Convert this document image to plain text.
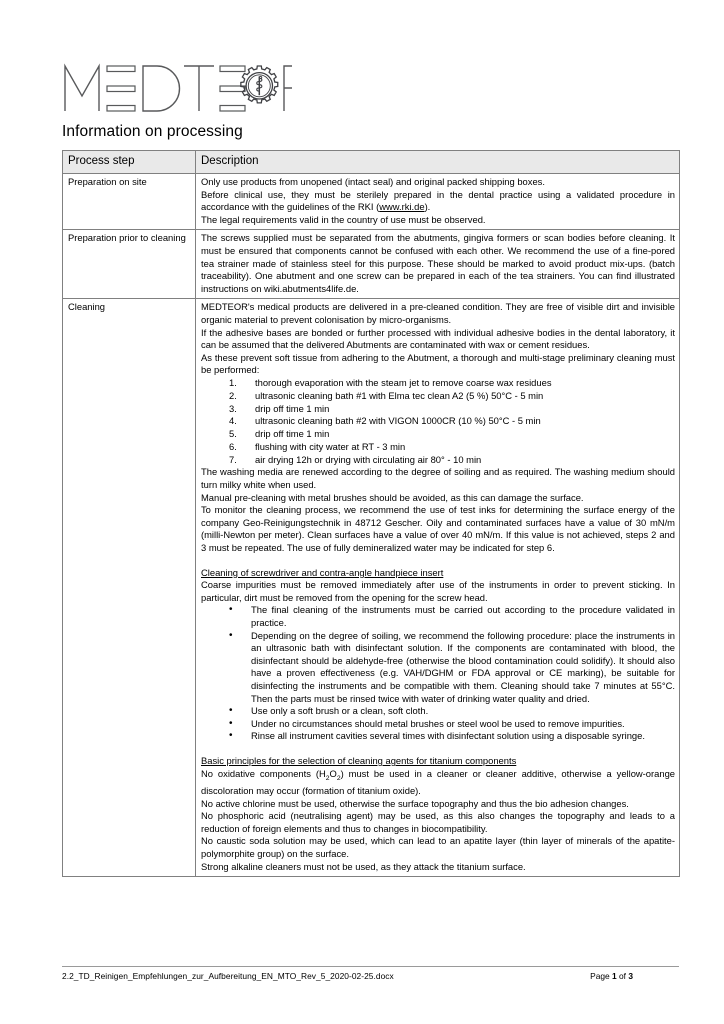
Information on processing
Process step	Description
Preparation on site	Only use products from unopened (intact seal) and original packed shipping boxes.

Before clinical use, they must be sterilely prepared in the dental practice using a validated procedure in accordance with the guidelines of the RKI (www.rki.de).

The legal requirements valid in the country of use must be observed.

Preparation prior to cleaning	The screws supplied must be separated from the abutments, gingiva formers or scan bodies before cleaning. It must be ensured that components cannot be confused with each other. We recommend the use of a fine-pored tea strainer made of stainless steel for this purpose. These should be marked to avoid product mix-ups. (batch traceability). One abutment and one screw can be prepared in each of the tea strainers. You can find illustrated instructions on wiki.abutments4life.de.

Cleaning	MEDTEOR's medical products are delivered in a pre-cleaned condition. They are free of visible dirt and invisible organic material to prevent colonisation by micro-organisms.

If the adhesive bases are bonded or further processed with individual adhesive bodies in the dental laboratory, it can be assumed that the delivered Abutments are contaminated with wax or cement residues.

As these prevent soft tissue from adhering to the Abutment, a thorough and multi-stage preliminary cleaning must be performed:

thorough evaporation with the steam jet to remove coarse wax residues
ultrasonic cleaning bath #1 with Elma tec clean A2 (5 %) 50°C - 5 min
drip off time 1 min
ultrasonic cleaning bath #2 with VIGON 1000CR (10 %) 50°C - 5 min
drip off time 1 min
flushing with city water at RT - 3 min
air drying 12h or drying with circulating air 80° - 10 min

The washing media are renewed according to the degree of soiling and as required. The washing medium should turn milky white when used.

Manual pre-cleaning with metal brushes should be avoided, as this can damage the surface.

To monitor the cleaning process, we recommend the use of test inks for determining the surface energy of the company Geo-Reinigungstechnik in 48712 Gescher. Oily and contaminated surfaces have a value of 30 mN/m (milli-Newton per meter). Clean surfaces have a value of over 40 mN/m. If this value is not achieved, steps 2 and 3 must be repeated. The use of fully demineralized water may be indicated for step 6.

Cleaning of screwdriver and contra-angle handpiece insert

Coarse impurities must be removed immediately after use of the instruments in order to prevent sticking. In particular, dirt must be removed from the opening for the screw head.

• The final cleaning of the instruments must be carried out according to the procedure validated in practice.
• Depending on the degree of soiling, we recommend the following procedure: place the instruments in an ultrasonic bath with disinfectant solution. If the components are contaminated with blood, the disinfectant should be aldehyde-free (otherwise the blood contamination could solidify). It should also have a proven effectiveness (e.g. VAH/DGHM or FDA approval or CE marking), be suitable for disinfecting the instruments and be compatible with them. Cleaning should take 7 minutes at 55°C. Then the parts must be rinsed twice with water of drinking water quality and dried.
• Use only a soft brush or a clean, soft cloth.
• Under no circumstances should metal brushes or steel wool be used to remove impurities.
• Rinse all instrument cavities several times with disinfectant solution using a disposable syringe.

Basic principles for the selection of cleaning agents for titanium components

No oxidative components $(H_2O_2)$ must be used in a cleaner or cleaner additive, otherwise a yellow-orange discoloration may occur (formation of titanium oxide).

No active chlorine must be used, otherwise the surface topography and thus the bio adhesion changes.

No phosphoric acid (neutralising agent) may be used, as this also changes the topography and leads to a reduction of foreign elements and thus to changes in biocompatibility.

No caustic soda solution may be used, which can lead to an apatite layer (thin layer of minerals of the apatite-polymorphite group) on the surface.

Strong alkaline cleaners must not be used, as they attack the titanium surface.

2.2_TD_Reinigen_Empfehlungen_zur_Aufbereitung_EN_MTO_Rev_5_2020-02-25.docx	Page 1 of 3
